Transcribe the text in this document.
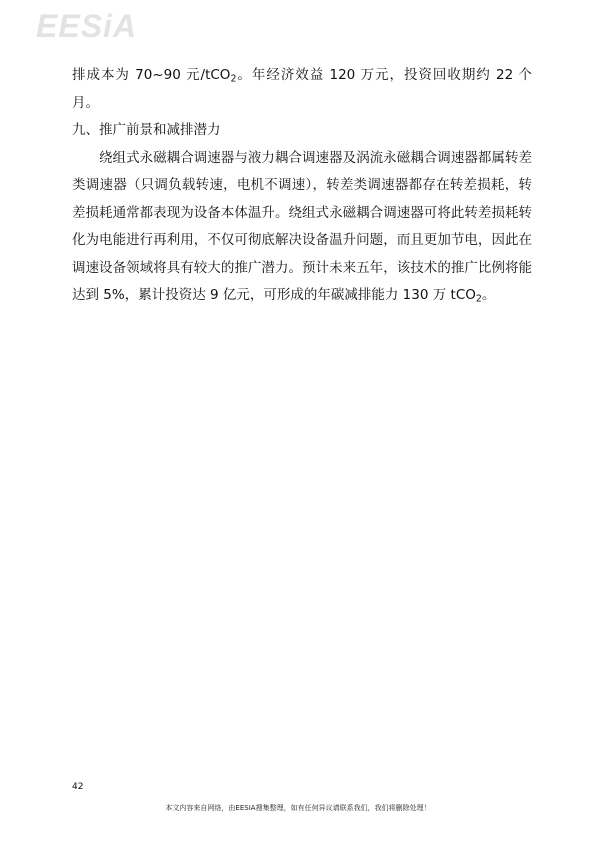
EESiA

排成本为 70~90 元/tCO$_2$。年经济效益 120 万元，投资回收期约 22 个月。

九、推广前景和减排潜力

绕组式永磁耦合调速器与液力耦合调速器及涡流永磁耦合调速器都属转差类调速器（只调负载转速，电机不调速），转差类调速器都存在转差损耗，转差损耗通常都表现为设备本体温升。绕组式永磁耦合调速器可将此转差损耗转化为电能进行再利用，不仅可彻底解决设备温升问题，而且更加节电，因此在调速设备领域将具有较大的推广潜力。预计未来五年，该技术的推广比例将能达到 5%，累计投资达 9 亿元，可形成的年碳减排能力 130 万 tCO$_2$。

42
本文内容来自网络，由EESIA搜集整理，如有任何异议请联系我们，我们将删除处理！
